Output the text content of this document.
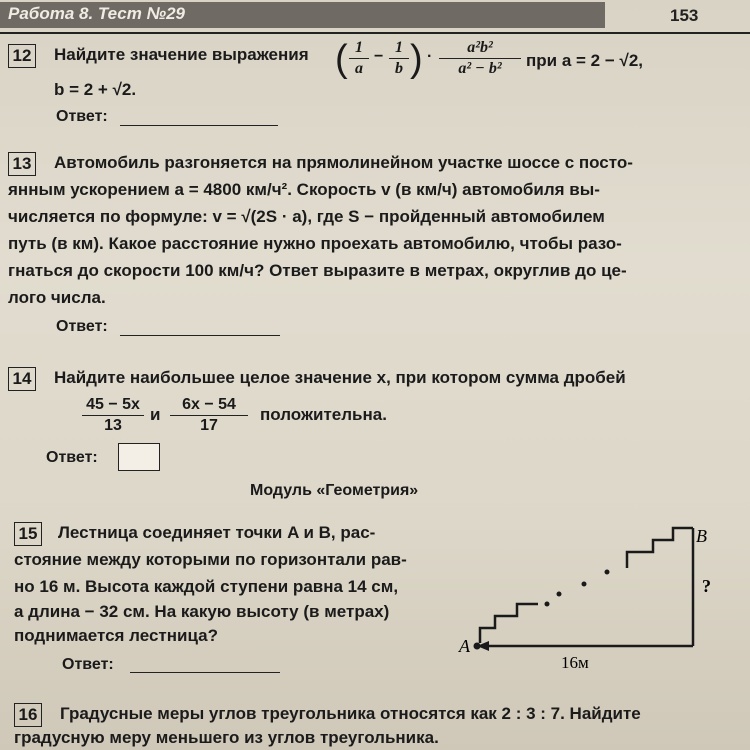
Работа 8. Тест №29	153
12 Найдите значение выражения ( $\frac{1}{a} - \frac{1}{b}$ ) · $\frac{\text{a²b²}}{\text{a² − b²}}$ при a = 2 − √2,
b = 2 + √2.
Ответ:
13 Автомобиль разгоняется на прямолинейном участке шоссе с посто-
янным ускорением a = 4800 км/ч². Скорость v (в км/ч) автомобиля вы-
числяется по формуле: v = √(2S · a), где S − пройденный автомобилем
путь (в км). Какое расстояние нужно проехать автомобилю, чтобы разо-
гнаться до скорости 100 км/ч? Ответ выразите в метрах, округлив до це-
лого числа.
Ответ:
14 Найдите наибольшее целое значение x, при котором сумма дробей
$\frac{45 - 5x}{13}$ и $\frac{6x - 54}{17}$ положительна.
Ответ:
Модуль «Геометрия»
15 Лестница соединяет точки A и B, рас-
стояние между которыми по горизонтали рав-
но 16 м. Высота каждой ступени равна 14 см,
а длина − 32 см. На какую высоту (в метрах)
поднимается лестница?
Ответ:
A
B
?
16м
16 Градусные меры углов треугольника относятся как 2 : 3 : 7. Найдите
градусную меру меньшего из углов треугольника.
